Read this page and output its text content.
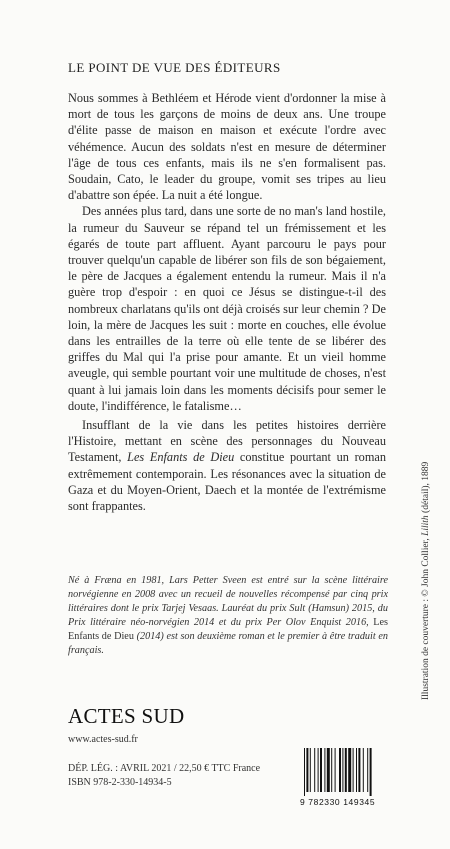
LE POINT DE VUE DES ÉDITEURS

Nous sommes à Bethléem et Hérode vient d'ordonner la mise à mort de tous les garçons de moins de deux ans. Une troupe d'élite passe de maison en maison et exécute l'ordre avec véhémence. Aucun des soldats n'est en mesure de déterminer l'âge de tous ces enfants, mais ils ne s'en formalisent pas. Soudain, Cato, le leader du groupe, vomit ses tripes au lieu d'abattre son épée. La nuit a été longue.

Des années plus tard, dans une sorte de no man's land hostile, la rumeur du Sauveur se répand tel un frémissement et les égarés de toute part affluent. Ayant parcouru le pays pour trouver quelqu'un capable de libérer son fils de son bégaiement, le père de Jacques a également entendu la rumeur. Mais il n'a guère trop d'espoir : en quoi ce Jésus se distingue-t-il des nombreux charlatans qu'ils ont déjà croisés sur leur chemin ? De loin, la mère de Jacques les suit : morte en couches, elle évolue dans les entrailles de la terre où elle tente de se libérer des griffes du Mal qui l'a prise pour amante. Et un vieil homme aveugle, qui semble pourtant voir une multitude de choses, n'est quant à lui jamais loin dans les moments décisifs pour semer le doute, l'indifférence, le fatalisme…

Insufflant de la vie dans les petites histoires derrière l'Histoire, mettant en scène des personnages du Nouveau Testament, Les Enfants de Dieu constitue pourtant un roman extrêmement contemporain. Les résonances avec la situation de Gaza et du Moyen-Orient, Daech et la montée de l'extrémisme sont frappantes.

Né à Fræna en 1981, Lars Petter Sveen est entré sur la scène littéraire norvégienne en 2008 avec un recueil de nouvelles récompensé par cinq prix littéraires dont le prix Tarjej Vesaas. Lauréat du prix Sult (Hamsun) 2015, du Prix littéraire néo-norvégien 2014 et du prix Per Olov Enquist 2016, Les Enfants de Dieu (2014) est son deuxième roman et le premier à être traduit en français.
ACTES SUD
www.actes-sud.fr
DÉP. LÉG. : AVRIL 2021 / 22,50 € TTC France
ISBN 978-2-330-14934-5
Illustration de couverture : © John Collier, Lilith (détail), 1889
9 782330 149345
